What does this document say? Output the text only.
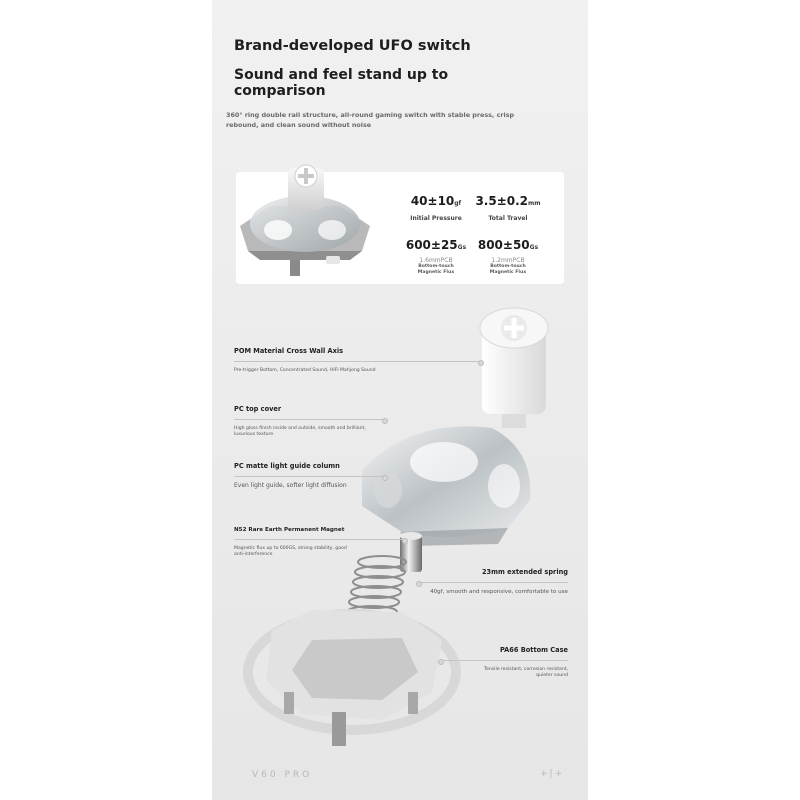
Brand-developed UFO switch
Sound and feel stand up to comparison
360° ring double rail structure, all-round gaming switch with stable press, crisp rebound, and clean sound without noise
40±10gf
Initial Pressure
3.5±0.2mm
Total Travel
600±25Gs
1.6mmPCB
Bottom-touch Magnetic Flux
800±50Gs
1.2mmPCB
Bottom-touch Magnetic Flux
POM Material Cross Wall Axis
Pre-trigger Bottom, Concentrated Sound, HIFI Mahjong Sound
PC top cover
High gloss finish inside and outside, smooth and brilliant, luxurious texture
PC matte light guide column
Even light guide, softer light diffusion
N52 Rare Earth Permanent Magnet
Magnetic flux up to 600GS, strong stability, good anti-interference
23mm extended spring
40gf, smooth and responsive, comfortable to use
PA66 Bottom Case
Tensile resistant, corrosion resistant, quieter sound
V60 PRO	+|+
